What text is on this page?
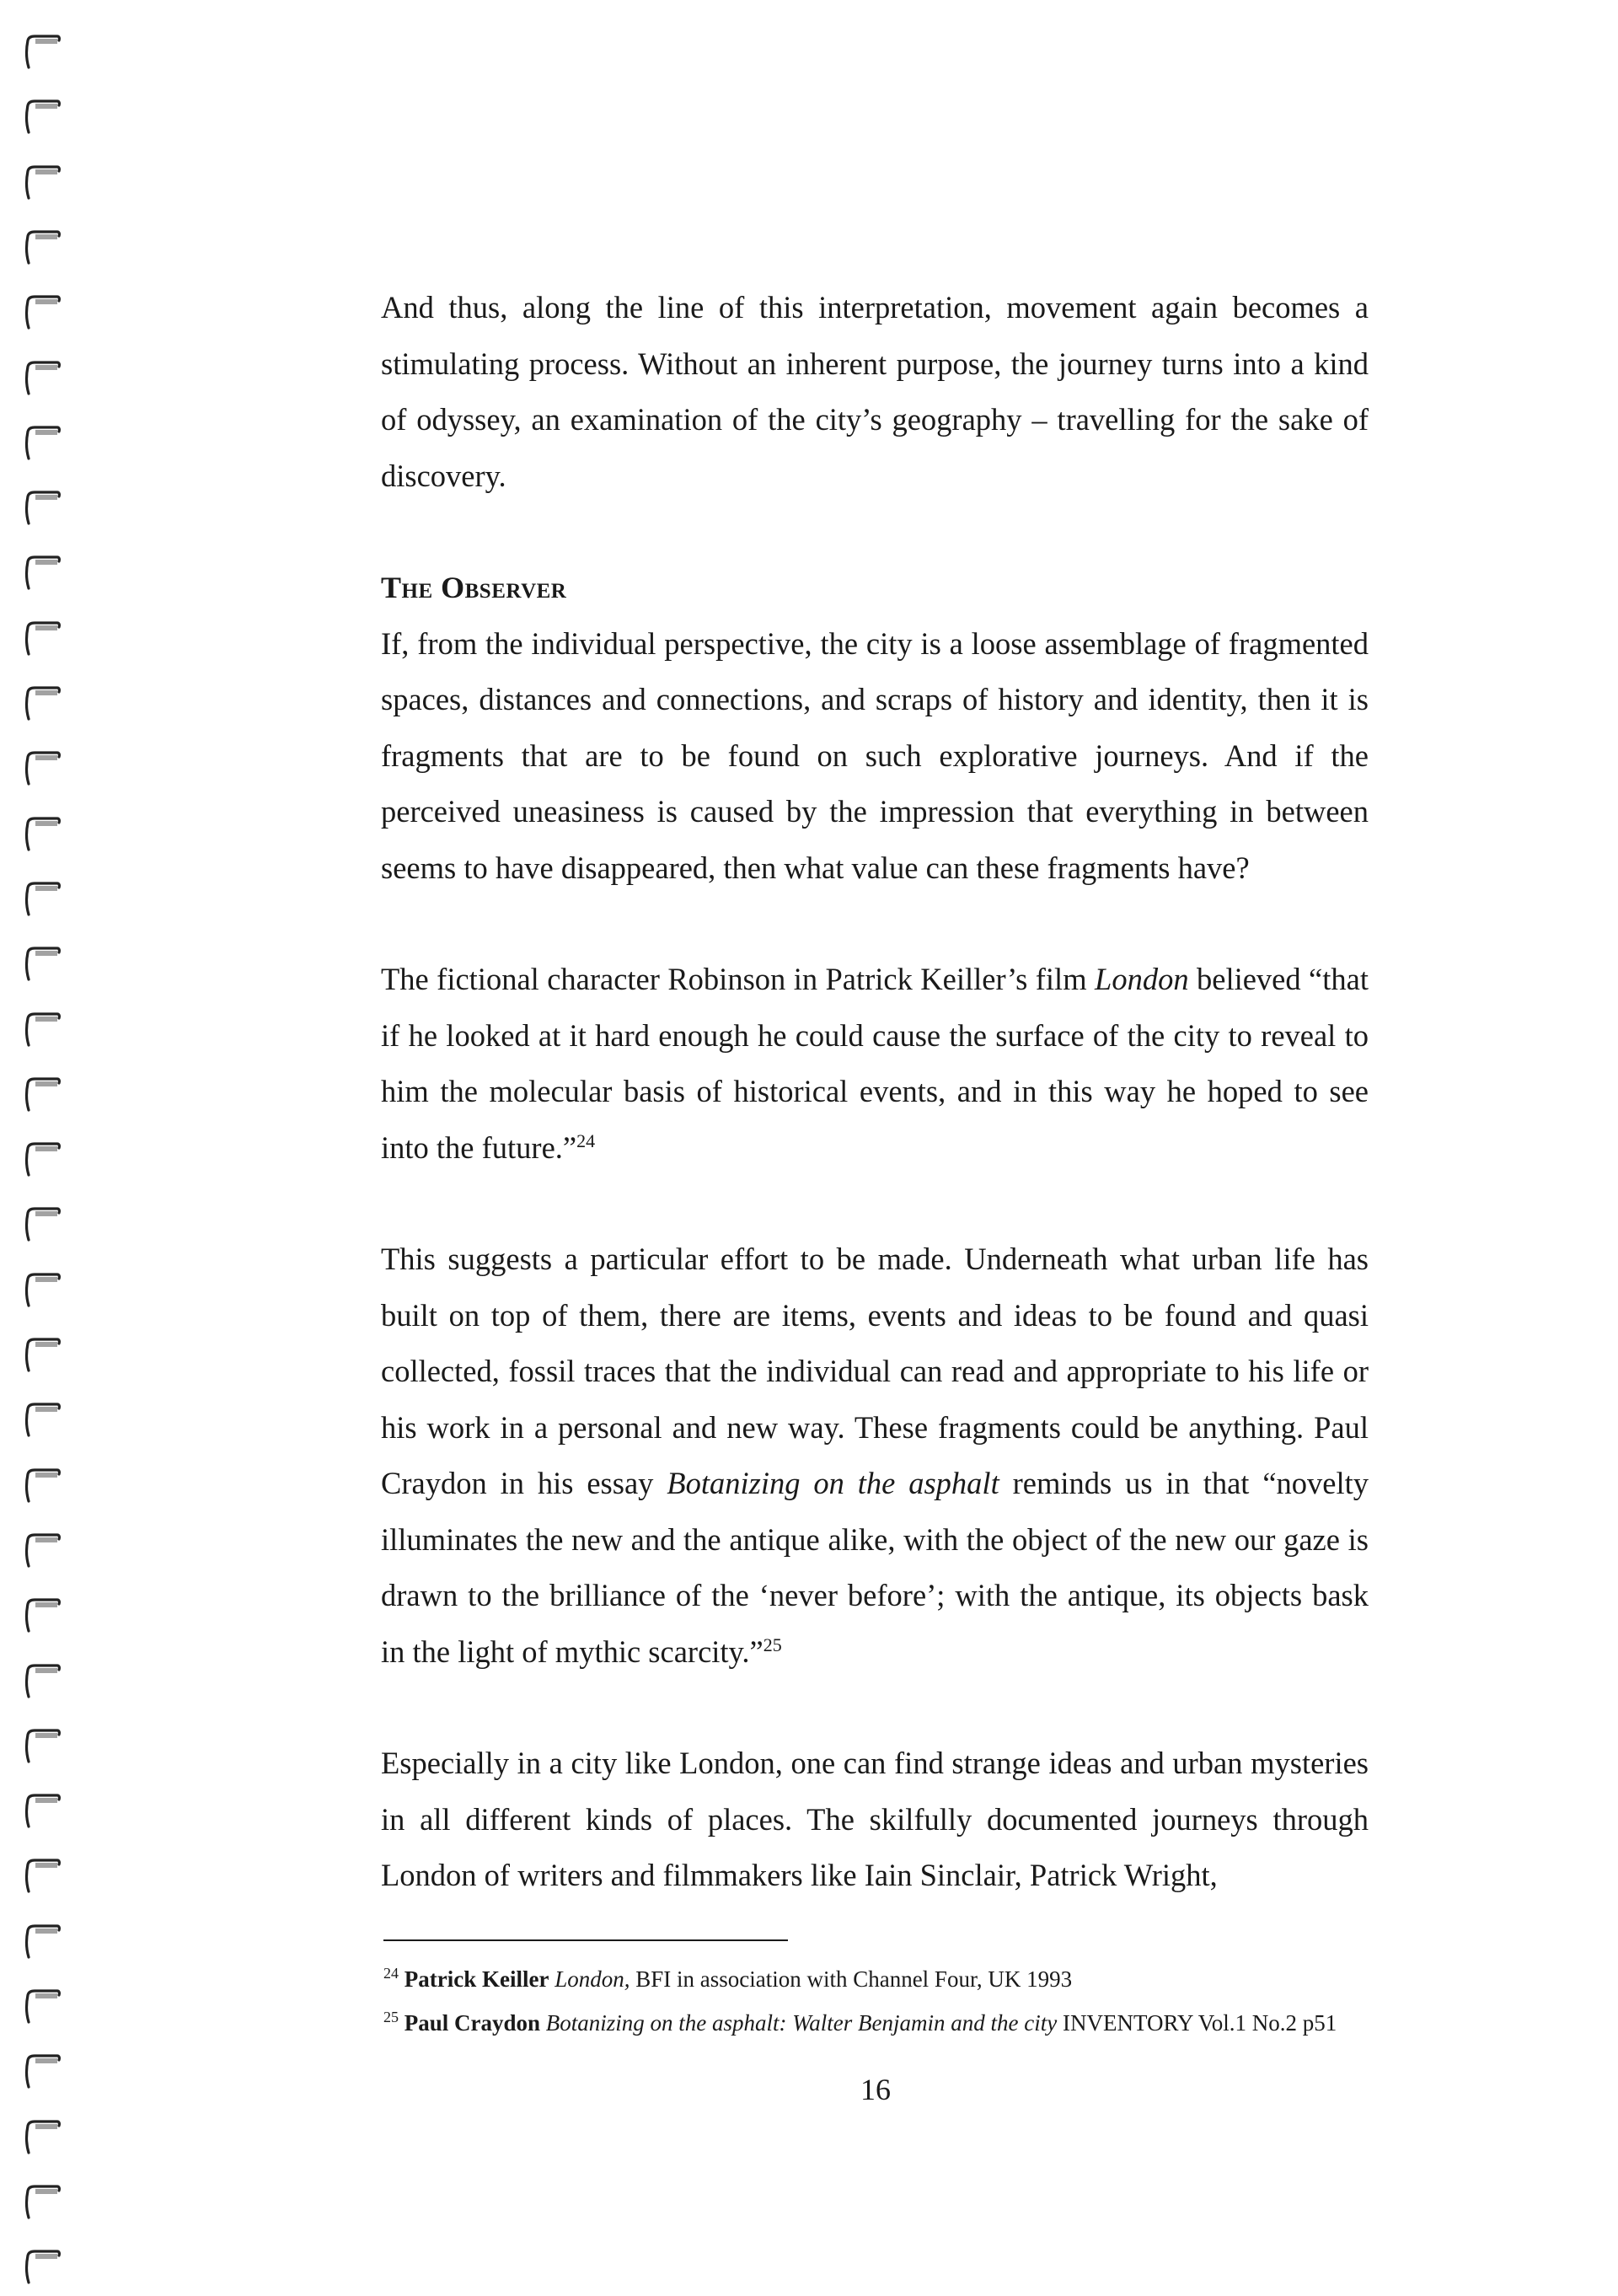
And thus, along the line of this interpretation, movement again becomes a stimulating process. Without an inherent purpose, the journey turns into a kind of odyssey, an examination of the city’s geography – travelling for the sake of discovery.

The Observer

If, from the individual perspective, the city is a loose assemblage of fragmented spaces, distances and connections, and scraps of history and identity, then it is fragments that are to be found on such explorative journeys. And if the perceived uneasiness is caused by the impression that everything in between seems to have disappeared, then what value can these fragments have?

The fictional character Robinson in Patrick Keiller’s film London believed “that if he looked at it hard enough he could cause the surface of the city to reveal to him the molecular basis of historical events, and in this way he hoped to see into the future.”$^{24}$

This suggests a particular effort to be made. Underneath what urban life has built on top of them, there are items, events and ideas to be found and quasi collected, fossil traces that the individual can read and appropriate to his life or his work in a personal and new way. These fragments could be anything. Paul Craydon in his essay Botanizing on the asphalt reminds us in that “novelty illuminates the new and the antique alike, with the object of the new our gaze is drawn to the brilliance of the ‘never before’; with the antique, its objects bask in the light of mythic scarcity.”$^{25}$

Especially in a city like London, one can find strange ideas and urban mysteries in all different kinds of places. The skilfully documented journeys through London of writers and filmmakers like Iain Sinclair, Patrick Wright,

$^{24}$ Patrick Keiller London, BFI in association with Channel Four, UK 1993
$^{25}$ Paul Craydon Botanizing on the asphalt: Walter Benjamin and the city INVENTORY Vol.1 No.2 p51
16
